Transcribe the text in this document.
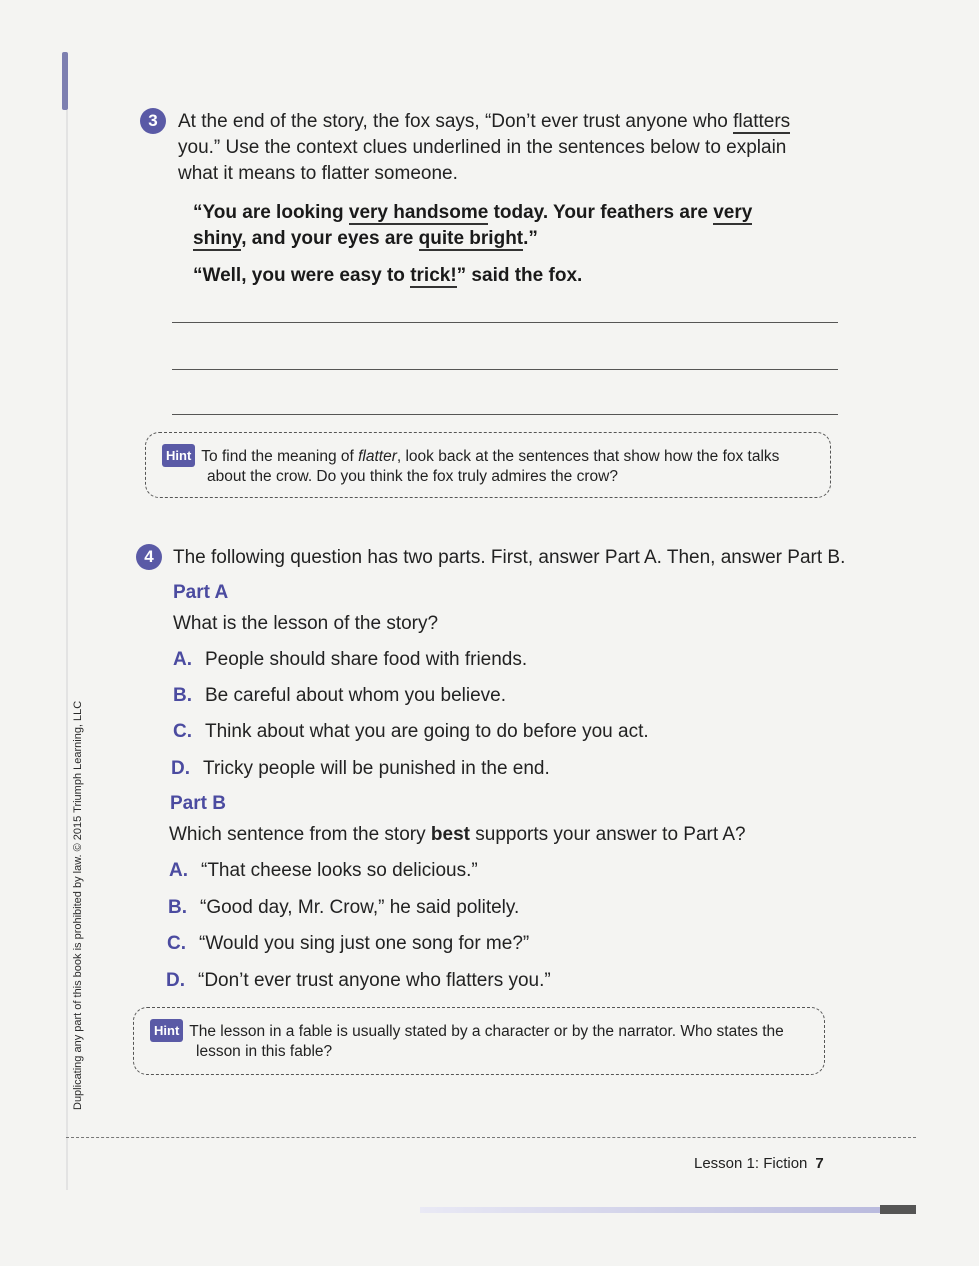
Duplicating any part of this book is prohibited by law. © 2015 Triumph Learning, LLC
3	At the end of the story, the fox says, “Don’t ever trust anyone who flatters
you.” Use the context clues underlined in the sentences below to explain
what it means to flatter someone.
“You are looking very handsome today. Your feathers are very
shiny, and your eyes are quite bright.”
“Well, you were easy to trick!” said the fox.
Hint To find the meaning of flatter, look back at the sentences that show how the fox talks
about the crow. Do you think the fox truly admires the crow?
4	The following question has two parts. First, answer Part A. Then, answer Part B.
Part A
What is the lesson of the story?
A. People should share food with friends.
B. Be careful about whom you believe.
C. Think about what you are going to do before you act.
D. Tricky people will be punished in the end.
Part B
Which sentence from the story best supports your answer to Part A?
A. “That cheese looks so delicious.”
B. “Good day, Mr. Crow,” he said politely.
C. “Would you sing just one song for me?”
D. “Don’t ever trust anyone who flatters you.”
Hint The lesson in a fable is usually stated by a character or by the narrator. Who states the
lesson in this fable?
Lesson 1: Fiction 7
